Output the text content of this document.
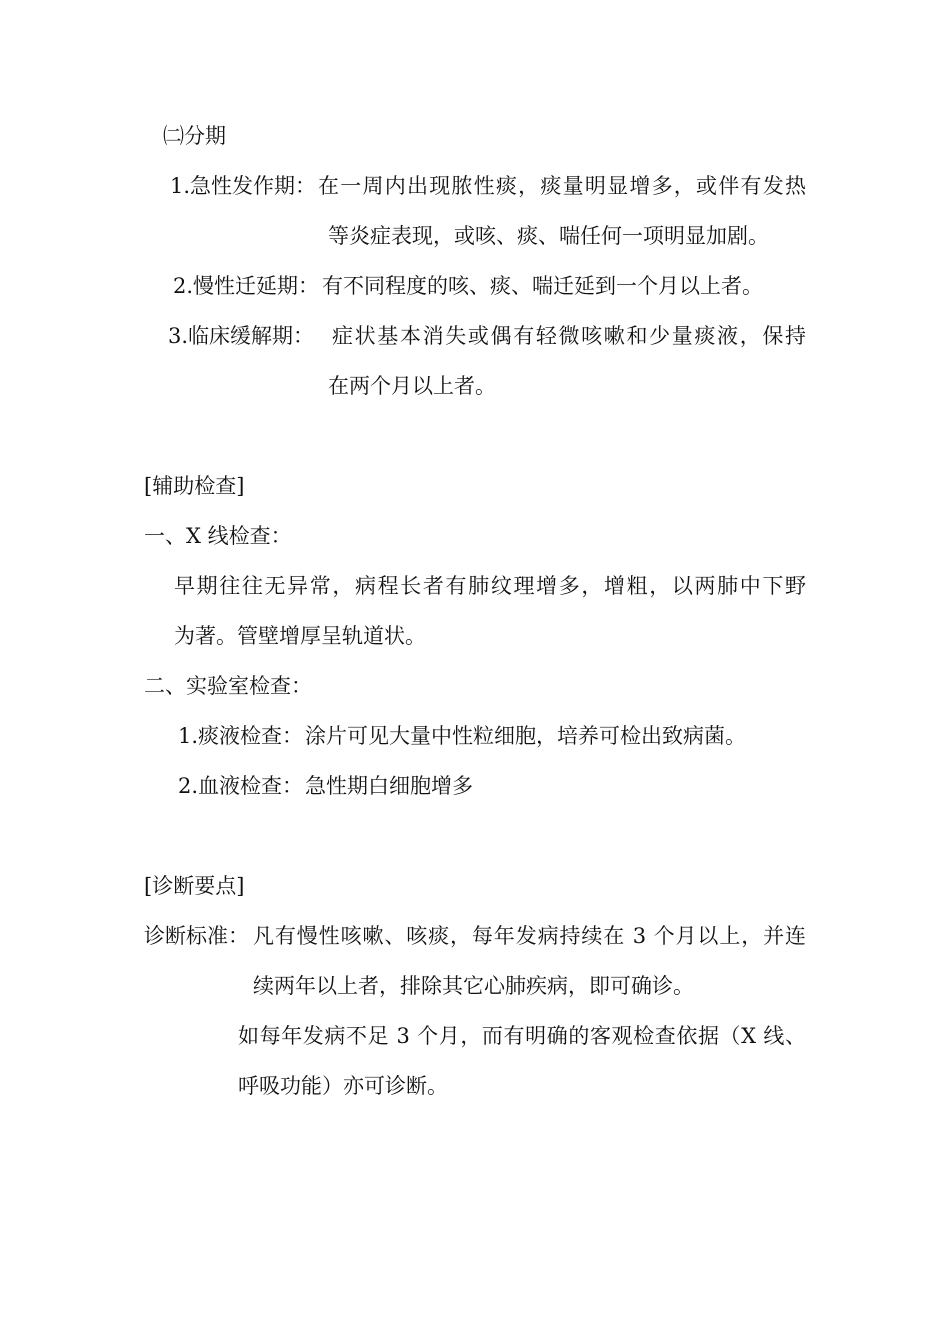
㈡分期
1.急性发作期： 在一周内出现脓性痰，痰量明显增多，或伴有发热
等炎症表现，或咳、痰、喘任何一项明显加剧。
2.慢性迁延期： 有不同程度的咳、痰、喘迁延到一个月以上者。
3.临床缓解期： 症状基本消失或偶有轻微咳嗽和少量痰液，保持
在两个月以上者。
[辅助检查]
一、X 线检查：
早期往往无异常，病程长者有肺纹理增多，增粗，以两肺中下野
为著。管壁增厚呈轨道状。
二、实验室检查：
1.痰液检查： 涂片可见大量中性粒细胞，培养可检出致病菌。
2.血液检查： 急性期白细胞增多
[诊断要点]
诊断标准： 凡有慢性咳嗽、咳痰，每年发病持续在 3 个月以上，并连
续两年以上者，排除其它心肺疾病，即可确诊。
如每年发病不足 3 个月，而有明确的客观检查依据（X 线、
呼吸功能）亦可诊断。
